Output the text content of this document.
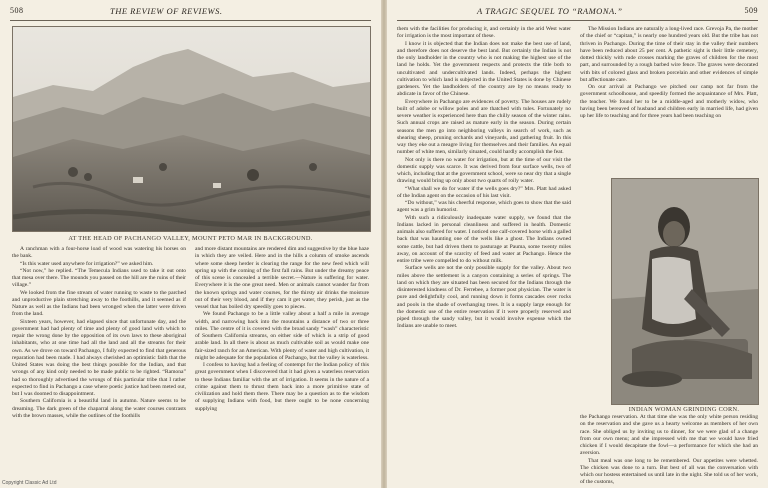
508	THE REVIEW OF REVIEWS.
AT THE HEAD OF PACHANGO VALLEY, MOUNT PETO MAR IN BACKGROUND.

A ranchman with a four-horse load of wood was watering his horses on the bank.

“Is this water used anywhere for irrigation?” we asked him.

“Not now,” he replied. “The Temecula Indians used to take it out onto that mesa over there. The mounds you passed on the hill are the ruins of their village.”

We looked from the fine stream of water running to waste to the parched and unproductive plain stretching away to the foothills, and it seemed as if Nature as well as the Indians had been wronged when the latter were driven from the land.

Sixteen years, however, had elapsed since that unfortunate day, and the government had had plenty of time and plenty of good land with which to repair the wrong done by the opposition of its own laws to these aboriginal inhabitants, who at one time had all the land and all the streams for their own. As we drove on toward Pachango, I fully expected to find that generous reparation had been made. I had always cherished an optimistic faith that the United States was doing the best things possible for the Indian, and that wrongs of any kind only needed to be made public to be righted. “Ramona” had so thoroughly advertised the wrongs of this particular tribe that I rather expected to find in Pachango a case where poetic justice had been meted out, but I was doomed to disappointment.

Southern California is a beautiful land in autumn. Nature seems to be dreaming. The dark green of the chaparral along the water courses contrasts with the brown masses, while the outlines of the foothills

and more distant mountains are rendered dim and suggestive by the blue haze in which they are veiled. Here and in the hills a column of smoke ascends where some sheep herder is clearing the range for the new feed which will spring up with the coming of the first fall rains. But under the dreamy peace of this scene is concealed a terrible secret.—Nature is suffering for water. Everywhere it is the one great need. Men or animals cannot wander far from the known springs and water courses, for the thirsty air drinks the moisture out of their very blood, and if they cam it get water, they perish, just as the vessel that has boiled dry speedily goes to pieces.

We found Pachango to be a little valley about a half a mile in average width, and narrowing back into the mountains a distance of two or three miles. The centre of it is covered with the broad sandy “wash” characteristic of Southern California streams, on either side of which is a strip of good arable land. In all there is about as much cultivable soil as would make one fair-sized ranch for an American. With plenty of water and high cultivation, it might be adequate for the population of Pachango, but the valley is waterless.

I confess to having had a feeling of contempt for the Indian policy of this great government when I discovered that it had given a waterless reservation to these Indians familiar with the art of irrigation. It seems in the nature of a crime against them to thrust them back into a more primitive state of civilization and hold them there. There may be a question as to the wisdom of supplying Indians with food, but there ought to be none concerning supplying

Copyright Classic Ad Ltd
A TRAGIC SEQUEL TO “RAMONA.”	509

them with the facilities for producing it, and certainly in the arid West water for irrigation is the most important of these.

I know it is objected that the Indian does not make the best use of land, and therefore does not deserve the best land. But certainly the Indian is not the only landholder in the country who is not making the highest use of the land he holds. Yet the government respects and protects the title both to uncultivated and undercultivated lands. Indeed, perhaps the highest cultivation to which land is subjected in the United States is done by Chinese gardeners. Yet the landholders of the country are by no means ready to abdicate in favor of the Chinese.

Everywhere in Pachango are evidences of poverty. The houses are rudely built of adobe or willow poles and are thatched with tules. Fortunately no severe weather is experienced here than the chilly season of the winter rains. Such annual crops are raised as mature early in the season. During certain seasons the men go into neighboring valleys in search of work, such as shearing sheep, pruning orchards and vineyards, and gathering fruit. In this way they eke out a meagre living for themselves and their families. An equal number of white men, similarly situated, could hardly accomplish the feat.

Not only is there no water for irrigation, but at the time of our visit the domestic supply was scarce. It was derived from four surface wells, two of which, including that at the government school, were so near dry that a single drawing would bring up only about two quarts of roily water.

“What shall we do for water if the wells goes dry?” Mrs. Platt had asked of the Indian agent on the occasion of his last visit.

“Do without,” was his cheerful response, which goes to show that the said agent was a grim humorist.

With such a ridiculously inadequate water supply, we found that the Indians lacked in personal cleanliness and suffered in health. Domestic animals also suffered for water. I noticed one calf-covered horse with a galled back that was haunting one of the wells like a ghost. The Indians owned some cattle, but had driven them to pasturage at Pauma, some twenty miles away, on account of the scarcity of feed and water at Pachango. Hence the entire tribe were compelled to do without milk.

Surface wells are not the only possible supply for the valley. About two miles above the settlement is a canyon containing a series of springs. The land on which they are situated has been secured for the Indians through the disinterested kindness of Dr. Ferrebee, a former post physician. The water is pure and delightfully cool, and running down it forms cascades over rocks and pools in the shade of overhanging trees. It is a supply large enough for the domestic use of the entire reservation if it were properly reserved and piped through the sandy valley, but it would involve expense which the Indians are unable to meet.

The Mission Indians are naturally a long-lived race. Grevoja Pa, the mother of the chief or “capitan,” is nearly one hundred years old. But the tribe has not thriven in Pachango. During the time of their stay in the valley their numbers have been reduced about 25 per cent. A pathetic sight is their little cemetery, dotted thickly with rude crosses marking the graves of children for the most part, and surrounded by a rough barbed wire fence. The graves were decorated with bits of colored glass and broken porcelain and other evidences of simple but affectionate care.

On our arrival at Pachango we pitched our camp not far from the government schoolhouse, and speedily formed the acquaintance of Mrs. Platt, the teacher. We found her to be a middle-aged and motherly widow, who having been bereaved of husband and children early in married life, had given up her life to teaching and for three years had been teaching on

INDIAN WOMAN GRINDING CORN.

the Pachango reservation. At that time she was the only white person residing on the reservation and she gave us a hearty welcome as members of her own race. She obliged us by inviting us to dinner, for we were glad of a change from our own menu; and she impressed with me that we would have fried chicken if I would decapitate the fowl—a performance for which she had an aversion.

That meal was one long to be remembered. Our appetites were whetted. The chicken was done to a turn. But best of all was the conversation with which our hostess entertained us until late in the night. She told us of her work, of the customs,
